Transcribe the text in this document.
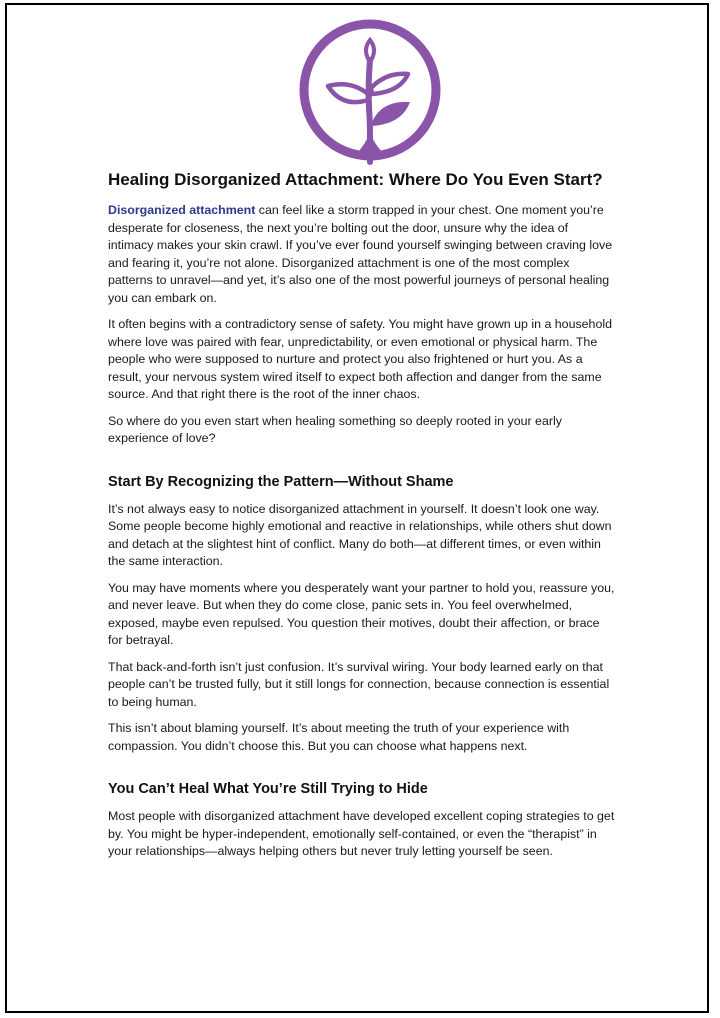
Healing Disorganized Attachment: Where Do You Even Start?

Disorganized attachment can feel like a storm trapped in your chest. One moment you’re desperate for closeness, the next you’re bolting out the door, unsure why the idea of intimacy makes your skin crawl. If you’ve ever found yourself swinging between craving love and fearing it, you’re not alone. Disorganized attachment is one of the most complex patterns to unravel—and yet, it’s also one of the most powerful journeys of personal healing you can embark on.

It often begins with a contradictory sense of safety. You might have grown up in a household where love was paired with fear, unpredictability, or even emotional or physical harm. The people who were supposed to nurture and protect you also frightened or hurt you. As a result, your nervous system wired itself to expect both affection and danger from the same source. And that right there is the root of the inner chaos.

So where do you even start when healing something so deeply rooted in your early experience of love?

Start By Recognizing the Pattern—Without Shame

It’s not always easy to notice disorganized attachment in yourself. It doesn’t look one way. Some people become highly emotional and reactive in relationships, while others shut down and detach at the slightest hint of conflict. Many do both—at different times, or even within the same interaction.

You may have moments where you desperately want your partner to hold you, reassure you, and never leave. But when they do come close, panic sets in. You feel overwhelmed, exposed, maybe even repulsed. You question their motives, doubt their affection, or brace for betrayal.

That back-and-forth isn’t just confusion. It’s survival wiring. Your body learned early on that people can’t be trusted fully, but it still longs for connection, because connection is essential to being human.

This isn’t about blaming yourself. It’s about meeting the truth of your experience with compassion. You didn’t choose this. But you can choose what happens next.

You Can’t Heal What You’re Still Trying to Hide

Most people with disorganized attachment have developed excellent coping strategies to get by. You might be hyper-independent, emotionally self-contained, or even the “therapist” in your relationships—always helping others but never truly letting yourself be seen.
